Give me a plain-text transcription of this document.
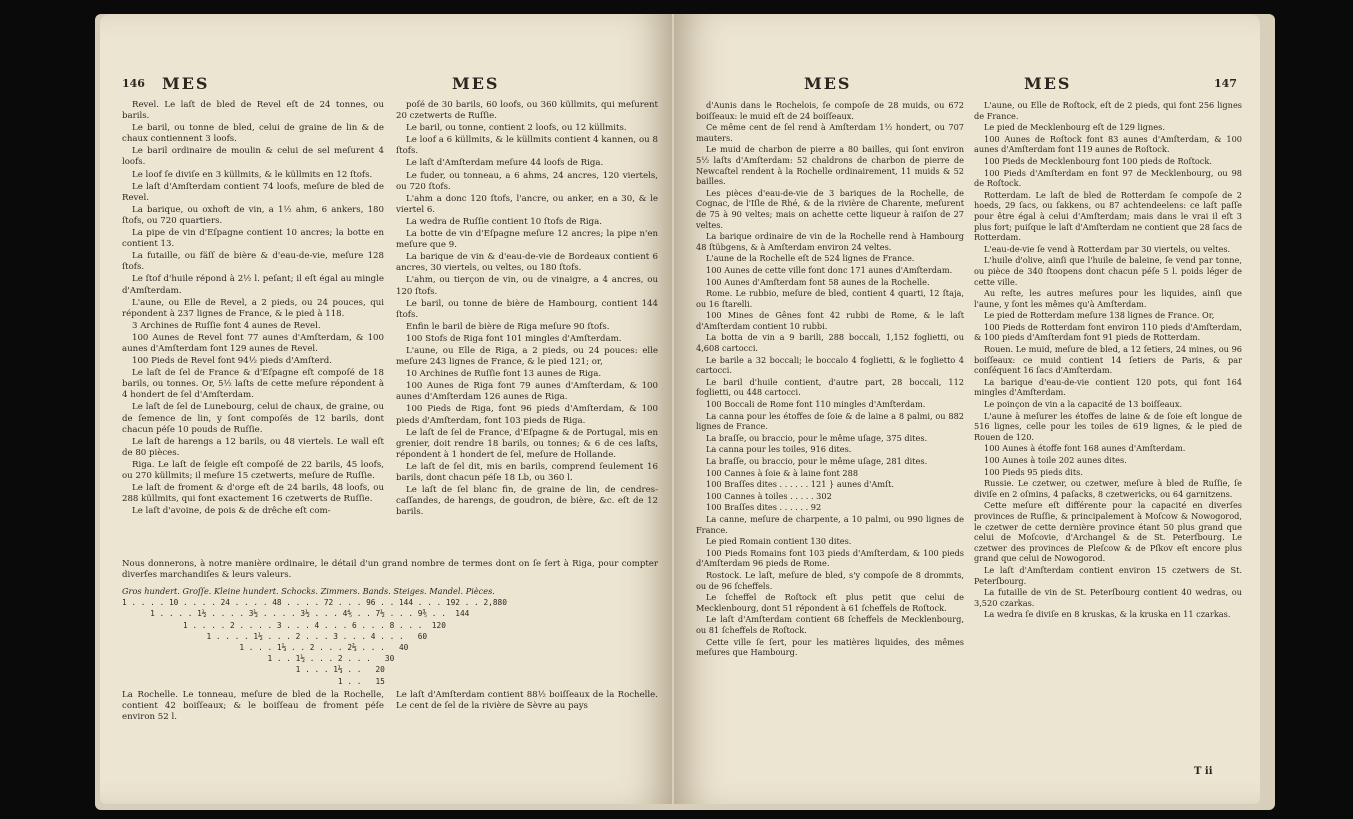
146 MES	MES

Revel. Le laſt de bled de Revel eſt de 24 tonnes, ou barils.

Le baril, ou tonne de bled, celui de graine de lin & de chaux contiennent 3 loofs.

Le baril ordinaire de moulin & celui de sel meſurent 4 loofs.

Le loof ſe diviſe en 3 küllmits, & le küllmits en 12 ſtofs.

Le laſt d'Amſterdam contient 74 loofs, meſure de bled de Revel.

La barique, ou oxhoft de vin, a 1½ ahm, 6 ankers, 180 ſtofs, ou 720 quartiers.

La pipe de vin d'Eſpagne contient 10 ancres; la botte en contient 13.

La futaille, ou fäſſ de bière & d'eau-de-vie, meſure 128 ſtofs.

Le ſtof d'huile répond à 2½ l. peſant; il eſt égal au mingle d'Amſterdam.

L'aune, ou Elle de Revel, a 2 pieds, ou 24 pouces, qui répondent à 237 lignes de France, & le pied à 118.

3 Archines de Ruſſie font 4 aunes de Revel.

100 Aunes de Revel font 77 aunes d'Amſterdam, & 100 aunes d'Amſterdam font 129 aunes de Revel.

100 Pieds de Revel font 94½ pieds d'Amſterd.

Le laſt de ſel de France & d'Eſpagne eſt compoſé de 18 barils, ou tonnes. Or, 5½ laſts de cette meſure répondent à 4 hondert de ſel d'Amſterdam.

Le laſt de ſel de Lunebourg, celui de chaux, de graine, ou de ſemence de lin, y ſont compoſés de 12 barils, dont chacun péſe 10 pouds de Ruſſie.

Le laſt de harengs a 12 barils, ou 48 viertels. Le wall eſt de 80 pièces.

Riga. Le laſt de ſeigle eſt compoſé de 22 barils, 45 loofs, ou 270 küllmits; il meſure 15 czetwerts, meſure de Ruſſie.

Le laſt de froment & d'orge eſt de 24 barils, 48 loofs, ou 288 küllmits, qui font exactement 16 czetwerts de Ruſſie.

Le laſt d'avoine, de pois & de drêche eſt com-

poſé de 30 barils, 60 loofs, ou 360 küllmits, qui meſurent 20 czetwerts de Ruſſie.

Le baril, ou tonne, contient 2 loofs, ou 12 küllmits.

Le loof a 6 küllmits, & le küllmits contient 4 kannen, ou 8 ſtofs.

Le laſt d'Amſterdam meſure 44 loofs de Riga.

Le fuder, ou tonneau, a 6 ahms, 24 ancres, 120 viertels, ou 720 ſtofs.

L'ahm a donc 120 ſtofs, l'ancre, ou anker, en a 30, & le viertel 6.

La wedra de Ruſſie contient 10 ſtofs de Riga.

La botte de vin d'Eſpagne meſure 12 ancres; la pipe n'en meſure que 9.

La barique de vin & d'eau-de-vie de Bordeaux contient 6 ancres, 30 viertels, ou veltes, ou 180 ſtofs.

L'ahm, ou tierçon de vin, ou de vinaigre, a 4 ancres, ou 120 ſtofs.

Le baril, ou tonne de bière de Hambourg, contient 144 ſtofs.

Enfin le baril de bière de Riga meſure 90 ſtofs.

100 Stofs de Riga font 101 mingles d'Amſterdam.

L'aune, ou Elle de Riga, a 2 pieds, ou 24 pouces: elle meſure 243 lignes de France, & le pied 121; or,

10 Archines de Ruſſie font 13 aunes de Riga.

100 Aunes de Riga font 79 aunes d'Amſterdam, & 100 aunes d'Amſterdam 126 aunes de Riga.

100 Pieds de Riga, font 96 pieds d'Amſterdam, & 100 pieds d'Amſterdam, font 103 pieds de Riga.

Le laſt de ſel de France, d'Eſpagne & de Portugal, mis en grenier, doit rendre 18 barils, ou tonnes; & 6 de ces laſts, répondent à 1 hondert de ſel, meſure de Hollande.

Le laſt de ſel dit, mis en barils, comprend ſeulement 16 barils, dont chacun péſe 18 Lb, ou 360 l.

Le laſt de ſel blanc fin, de graine de lin, de cendres-caſſandes, de harengs, de goudron, de bière, &c. eſt de 12 barils.

Nous donnerons, à notre manière ordinaire, le détail d'un grand nombre de termes dont on ſe ſert à Riga, pour compter diverſes marchandiſes & leurs valeurs.
Gros hundert. Groſſe. Kleine hundert. Schocks. Zimmers. Bands. Steiges. Mandel. Pièces.
1 . . . . 10 . . . . 24 . . . . 48 . . . . 72 . . . 96 . . 144 . . . 192 . . 2,880
1 . . . . 1½ . . . . 3½ . . . . 3½ . . . 4⅘ . . 7½ . . . 9⅗ . .  144
1 . . . . 2 . . . . 3 . . . 4 . . . 6 . . . 8 . . .  120
1 . . . . 1½ . . . 2 . . . 3 . . . 4 . . .   60
1 . . . 1⅓ . . 2 . . . 2⅔ . . .   40
1 . . 1½ . . . 2 . . .   30
1 . . . 1⅓ . .   20
1 . .   15
La Rochelle. Le tonneau, meſure de bled de la Rochelle, contient 42 boiſſeaux; & le boiſſeau de froment péſe environ 52 l.
Le laſt d'Amſterdam contient 88½ boiſſeaux de la Rochelle. Le cent de ſel de la rivière de Sèvre au pays
MES	MES	147

d'Aunis dans le Rochelois, ſe compoſe de 28 muids, ou 672 boiſſeaux: le muid eſt de 24 boiſſeaux.

Ce même cent de ſel rend à Amſterdam 1½ hondert, ou 707 mauters.

Le muid de charbon de pierre a 80 bailles, qui ſont environ 5½ laſts d'Amſterdam: 52 chaldrons de charbon de pierre de Newcaſtel rendent à la Rochelle ordinairement, 11 muids & 52 bailles.

Les pièces d'eau-de-vie de 3 bariques de la Rochelle, de Cognac, de l'Iſle de Rhé, & de la rivière de Charente, meſurent de 75 à 90 veltes; mais on achette cette liqueur à raiſon de 27 veltes.

La barique ordinaire de vin de la Rochelle rend à Hambourg 48 ſtübgens, & à Amſterdam environ 24 veltes.

L'aune de la Rochelle eſt de 524 lignes de France.

100 Aunes de cette ville font donc 171 aunes d'Amſterdam.

100 Aunes d'Amſterdam font 58 aunes de la Rochelle.

Rome. Le rubbio, meſure de bled, contient 4 quarti, 12 ſtaja, ou 16 ſtarelli.

100 Mines de Gênes font 42 rubbi de Rome, & le laſt d'Amſterdam contient 10 rubbi.

La botta de vin a 9 barili, 288 boccali, 1,152 foglietti, ou 4,608 cartocci.

Le barile a 32 boccali; le boccalo 4 foglietti, & le foglietto 4 cartocci.

Le baril d'huile contient, d'autre part, 28 boccali, 112 foglietti, ou 448 cartocci.

100 Boccali de Rome font 110 mingles d'Amſterdam.

La canna pour les étoffes de ſoie & de laine a 8 palmi, ou 882 lignes de France.

La braſſe, ou braccio, pour le même uſage, 375 dites.

La canna pour les toiles, 916 dites.

La braſſe, ou braccio, pour le même uſage, 281 dites.

100 Cannes à ſoie & à laine font 288

100 Braſſes dites . . . . . . 121 } aunes d'Amſt.

100 Cannes à toiles . . . . . 302

100 Braſſes dites . . . . . . 92

La canne, meſure de charpente, a 10 palmi, ou 990 lignes de France.

Le pied Romain contient 130 dites.

100 Pieds Romains font 103 pieds d'Amſterdam, & 100 pieds d'Amſterdam 96 pieds de Rome.

Rostock. Le laſt, meſure de bled, s'y compoſe de 8 drommts, ou de 96 ſcheffels.

Le ſcheffel de Roſtock eſt plus petit que celui de Mecklenbourg, dont 51 répondent à 61 ſcheffels de Roſtock.

Le laſt d'Amſterdam contient 68 ſcheffels de Mecklenbourg, ou 81 ſcheffels de Roſtock.

Cette ville ſe ſert, pour les matières liquides, des mêmes meſures que Hambourg.

L'aune, ou Elle de Roſtock, eſt de 2 pieds, qui font 256 lignes de France.

Le pied de Mecklenbourg eſt de 129 lignes.

100 Aunes de Roſtock font 83 aunes d'Amſterdam, & 100 aunes d'Amſterdam font 119 aunes de Roſtock.

100 Pieds de Mecklenbourg font 100 pieds de Roſtock.

100 Pieds d'Amſterdam en font 97 de Mecklenbourg, ou 98 de Roſtock.

Rotterdam. Le laſt de bled de Rotterdam ſe compoſe de 2 hoeds, 29 ſacs, ou ſakkens, ou 87 achtendeelens: ce laſt paſſe pour être égal à celui d'Amſterdam; mais dans le vrai il eſt 3 plus fort; puiſque le laſt d'Amſterdam ne contient que 28 ſacs de Rotterdam.

L'eau-de-vie ſe vend à Rotterdam par 30 viertels, ou veltes.

L'huile d'olive, ainſi que l'huile de baleine, ſe vend par tonne, ou pièce de 340 ſtoopens dont chacun péſe 5 l. poids léger de cette ville.

Au reſte, les autres meſures pour les liquides, ainſi que l'aune, y ſont les mêmes qu'à Amſterdam.

Le pied de Rotterdam meſure 138 lignes de France. Or,

100 Pieds de Rotterdam font environ 110 pieds d'Amſterdam, & 100 pieds d'Amſterdam font 91 pieds de Rotterdam.

Rouen. Le muid, meſure de bled, a 12 ſetiers, 24 mines, ou 96 boiſſeaux: ce muid contient 14 ſetiers de Paris, & par conſéquent 16 ſacs d'Amſterdam.

La barique d'eau-de-vie contient 120 pots, qui font 164 mingles d'Amſterdam.

Le poinçon de vin a la capacité de 13 boiſſeaux.

L'aune à meſurer les étoffes de laine & de ſoie eſt longue de 516 lignes, celle pour les toiles de 619 lignes, & le pied de Rouen de 120.

100 Aunes à étoffe font 168 aunes d'Amſterdam.

100 Aunes à toile 202 aunes dites.

100 Pieds 95 pieds dits.

Russie. Le czetwer, ou czetwer, meſure à bled de Ruſſie, ſe diviſe en 2 oſmins, 4 paſacks, 8 czetwericks, ou 64 garnitzens.

Cette meſure eſt différente pour la capacité en diverſes provinces de Ruſſie, & principalement à Moſcow & Nowogorod, le czetwer de cette dernière province étant 50 plus grand que celui de Moſcovie, d'Archangel & de St. Peterſbourg. Le czetwer des provinces de Pleſcow & de Pſkov eſt encore plus grand que celui de Nowogorod.

Le laſt d'Amſterdam contient environ 15 czetwers de St. Peterſbourg.

La futaille de vin de St. Peterſbourg contient 40 wedras, ou 3,520 czarkas.

La wedra ſe diviſe en 8 kruskas, & la kruska en 11 czarkas.

T ii
